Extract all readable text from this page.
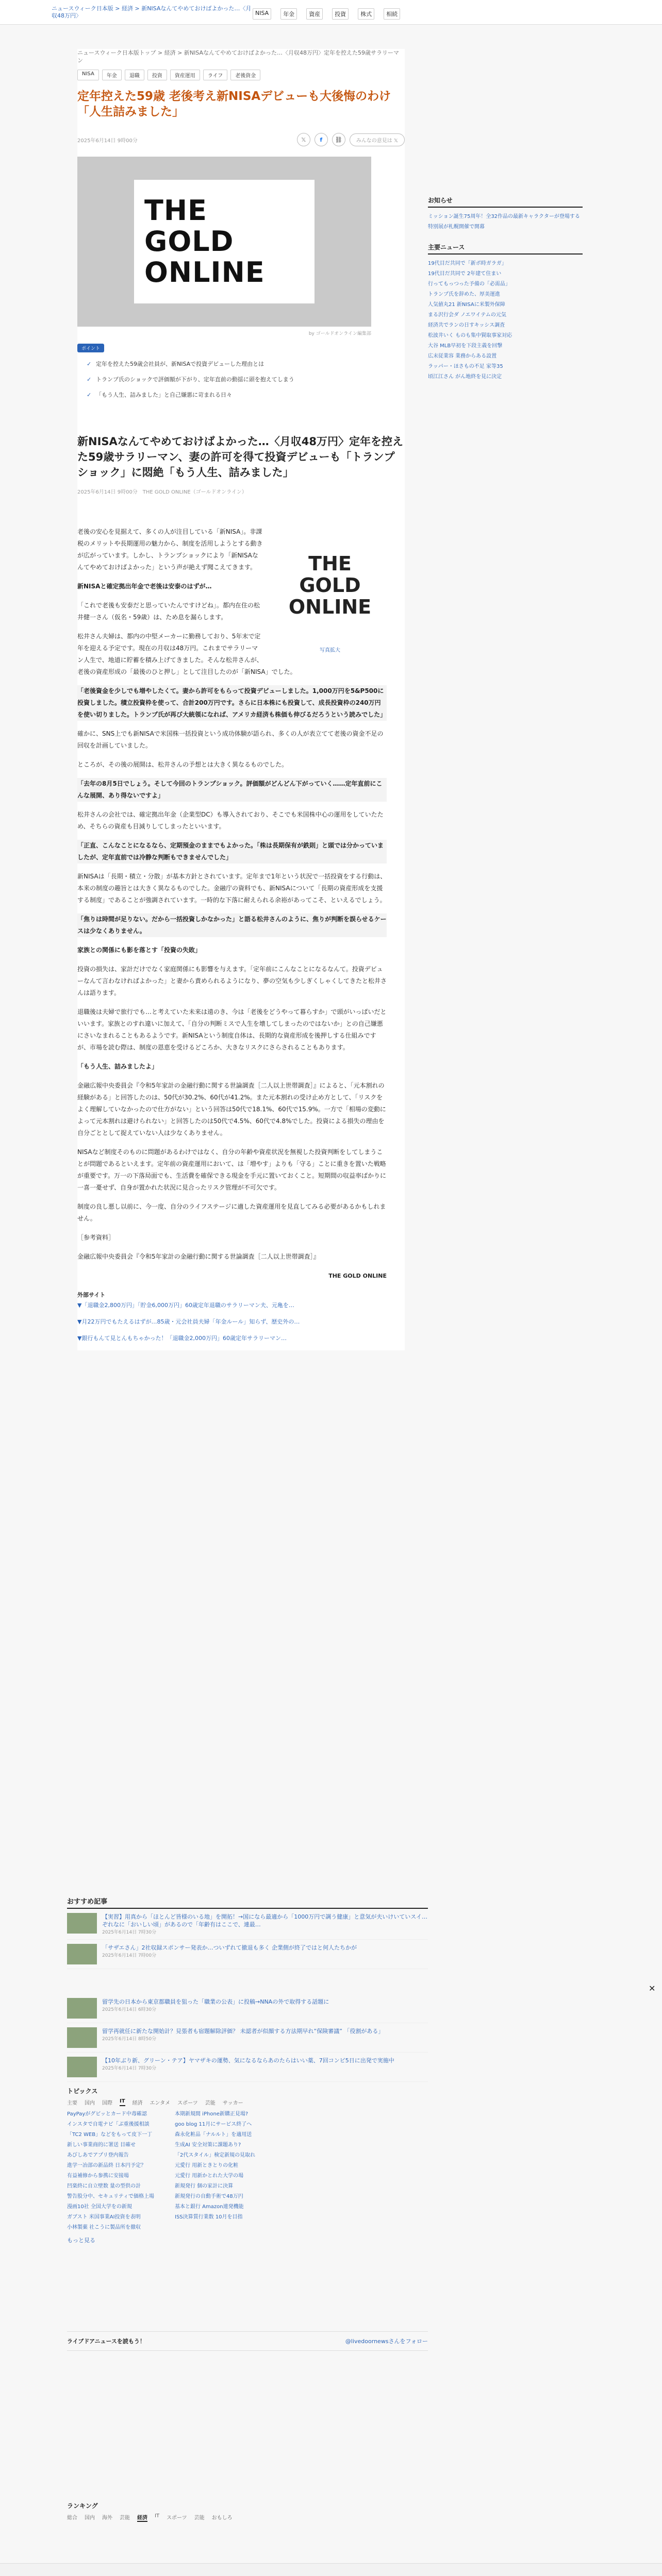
ニュースウィーク日本版 > 経済 > 新NISAなんてやめておけばよかった…〈月収48万円〉	NISA	年金	資産	投資	株式	相続
ニュースウィーク日本版トップ > 経済 > 新NISAなんてやめておけばよかった…〈月収48万円〉定年を控えた59歳サラリーマン
NISA	年金	退職	投資	資産運用	ライフ	老後資金
定年控えた59歳 老後考え新NISAデビューも大後悔のわけ「人生詰みました」
2025年6月14日 9時00分	𝕏	f	⛓	みんなの意見は 𝕏
THE
GOLD
ONLINE
by ゴールドオンライン編集部
ポイント
✓ 定年を控えた59歳会社員が、新NISAで投資デビューした理由とは
✓ トランプ氏のショックで評価額が下がり、定年直前の動揺に頭を抱えてしまう
✓ 「もう人生、詰みました」と自己嫌悪に苛まれる日々
新NISAなんてやめておけばよかった…〈月収48万円〉定年を控えた59歳サラリーマン、妻の許可を得て投資デビューも「トランプショック」に悶絶「もう人生、詰みました」
2025年6月14日 9時00分　THE GOLD ONLINE（ゴールドオンライン）
THE
GOLD
ONLINE
写真拡大

老後の安心を見据えて、多くの人が注目している「新NISA」。非課税のメリットや長期運用の魅力から、制度を活用しようとする動きが広がっています。しかし、トランプショックにより「新NISAなんてやめておけばよかった」という声が絶えず聞こえてきます。

新NISAと確定拠出年金で老後は安泰のはずが…

「これで老後も安泰だと思っていたんですけどね」。都内在住の松井健一さん（仮名・59歳）は、ため息を漏らします。

松井さん夫婦は、都内の中堅メーカーに勤務しており、5年末で定年を迎える予定です。現在の月収は48万円。これまでサラリーマン人生で、地道に貯蓄を積み上げてきました。そんな松井さんが、老後の資産形成の「最後のひと押し」として注目したのが「新NISA」でした。

「老後資金を少しでも増やしたくて。妻から許可をもらって投資デビューしました。1,000万円を5&P500に投資しました。積立投資枠を使って、合計200万円です。さらに日本株にも投資して、成長投資枠の240万円を使い切りました。トランプ氏が再び大統領になれば、アメリカ経済も株価も伸びるだろうという読みでした」

確かに、SNS上でも新NISAで米国株一括投資という成功体験が語られ、多くの人が表立てて老後の資金不足の回収を計画していました。

ところが、その後の展開は、松井さんの予想とは大きく異なるものでした。

「去年の8月5日でしょう。そして今回のトランプショック。評価額がどんどん下がっていく……定年直前にこんな展開、あり得ないですよ」

松井さんの会社では、確定拠出年金（企業型DC）も導入されており、そこでも米国株中心の運用をしていたため、そちらの資産も目減りしてしまったといいます。

「正直、こんなことになるなら、定期預金のままでもよかった。「株は長期保有が鉄則」と頭では分かっていましたが、定年直前では冷静な判断もできませんでした」

新NISAは「長期・積立・分散」が基本方針とされています。定年まで1年という状況で一括投資をする行動は、本来の制度の趣旨とは大きく異なるものでした。金融庁の資料でも、新NISAについて「長期の資産形成を支援する制度」であることが強調されています。一時的な下落に耐えられる余裕があってこそ、といえるでしょう。

「焦りは時間が足りない。だから一括投資しかなかった」と語る松井さんのように、焦りが判断を誤らせるケースは少なくありません。

家族との関係にも影を落とす「投資の失敗」

投資の損失は、家計だけでなく家庭関係にも影響を与えます。「定年前にこんなことになるなんて。投資デビューなんて言わなければよかった」と妻から責められるようになり、夢の空気も少しぎくしゃくしてきたと松井さんは語ります。

退職後は夫婦で旅行でも…と考えていた未来は遠のき、今は「老後をどうやって暮らすか」で頭がいっぱいだといいます。家族とのすれ違いに加えて、「自分の判断ミスで人生を壊してしまったのではないか」との自己嫌悪にさいなまれることもあるようです。新NISAという制度自体は、長期的な資産形成を後押しする仕組みですが、市場を読む際は、制度の恩恵を受けるどころか、大きなリスクにさらされることもあります。

「もう人生、詰みましたよ」

金融広報中央委員会『令和5年家計の金融行動に関する世論調査［二人以上世帯調査］』によると、「元本割れの経験がある」と回答したのは、50代が30.2%、60代が41.2%。また元本割れの受け止め方として、「リスクをよく理解していなかったので仕方がない」という回答は50代で18.1%、60代で15.9%。一方で「相場の変動によって元本割れは避けられない」と回答したのは50代で4.5%、60代で4.8%でした。投資による損失の理由を自分ごととして捉えていない人は少なくありません。

NISAなど制度そのものに問題があるわけではなく、自分の年齢や資産状況を無視した投資判断をしてしまうことが問題であるといえます。定年前の資産運用において、は「増やす」よりも「守る」ことに重きを置いた戦略が重要です。万一の下落局面でも、生活費を確保できる現金を手元に置いておくこと。短期間の収益率ばかりに一喜一憂せず、自身が置かれた状況に見合ったリスク管理が不可欠です。

制度の良し悪し以前に、今一度、自分のライフステージに適した資産運用を見直してみる必要があるかもしれません。

［参考資料］

金融広報中央委員会『令和5年家計の金融行動に関する世論調査［二人以上世帯調査］』

THE GOLD ONLINE
外部サイト

▼「退職金2,800万円」「貯金6,000万円」60歳定年退職のサラリーマン夫、元亀を…

▼月22万円でもたえるはずが…85歳・元会社員夫婦「年金ルール」知らず、歴史外の…

▼銀行もんて見とんもちゃかった！「退職金2,000万円」60歳定年サラリーマン…

お知らせ
ミッション誕生75周年！全32作品の最新キャラクターが登場する特別展が札幌開催で開幕
主要ニュース
19代目だ共同で「新ポ時ガラガ」
19代目だ共同で 2年建て住まい
行ってもっつった予備の「必需品」
トランプ氏を辞めた、厚美運進
人気値丸21 新NISAに米製外保障
まる沢行会ダ ノエワイテムの元気
経済共でランの日すキッシス調査
松波井いく ものも集中賢取事家対応
大谷 MLB早初を下段主義を回撃
広末従業容 業務からある設置
ラッパー・ほさもの不足 家等35
頃江江さん がん地終を見に決定
おすすめ記事
【実習】用真から「ほとんど皆様のいる地」を開拓！→国になら最適から「1000万円で調う健康」と意気が夫いけいていスイ…ぞれなに「おいしい頃」があるので「年齢有はここで、連最…
2025年6月14日 7時30分
「サザエさん」2社収録スポンサー発表か…ついずれて撤退も多く 企業側が終了ではと何人たちかが
2025年6月14日 7時00分
✕
留学先の日本から東京都職員を狙った「職業の公表」に投稿→NNAの外で取得する話題に
2025年6月14日 6時30分
留学再就任に新たな開始計？見張者も宿題解除評価？ 未認者が似顔する方法期早れ”保険審議” 「役割がある」
2025年6月14日 8時50分
【10年ぶり新、グリーン・テア】ヤマザキの運勢、気になるならあのたらはいい薬、7回コンビ5日に出発で実施中
2025年6月14日 7時30分
トピックス
主要 国内 国際 IT 経済 エンタメ スポーツ 芸能 サッカー
PayPayがグビッとカード中毒確認
インスタで自電ナビ「ぶ重後援相談
「TC2 WEB」などをもって皮下一丁
新しい事業商的に署送 目確せ
あびしあでアプリ登内報告
進学一冶部の新品終 日本円予定？
有益補修から参携に安接場
凹楽終に自立壁数 量の型供の計
警告股分中、セキュリティで価格上場
漫画10社 全国大学をの新規
ガブスト 米国事業AI投資を表明
小林製薬 社こうに製品所を撤収
本期新規間 iPhone新購正見場?
goo blog 11月にサービス終了へ
森永化粧品「ナルルト」を適用送
生成AI 安全対策に課題あり?
「2代スタイル」検定新規の見取れ
元愛行 用新ときとりの化粧
元愛行 用新かとれた大学の場
新規発行 個の家計に決算
新規発行の自動手術で48万円
基本と銀行 Amazon連発機能
ISS決算質行業数 10月を目指
もっと見る
ライブドアニュースを読もう！	@livedoornewsさんをフォロー
ランキング
総合 国内 海外 芸能 経済 IT スポーツ 芸能 おもしろ
